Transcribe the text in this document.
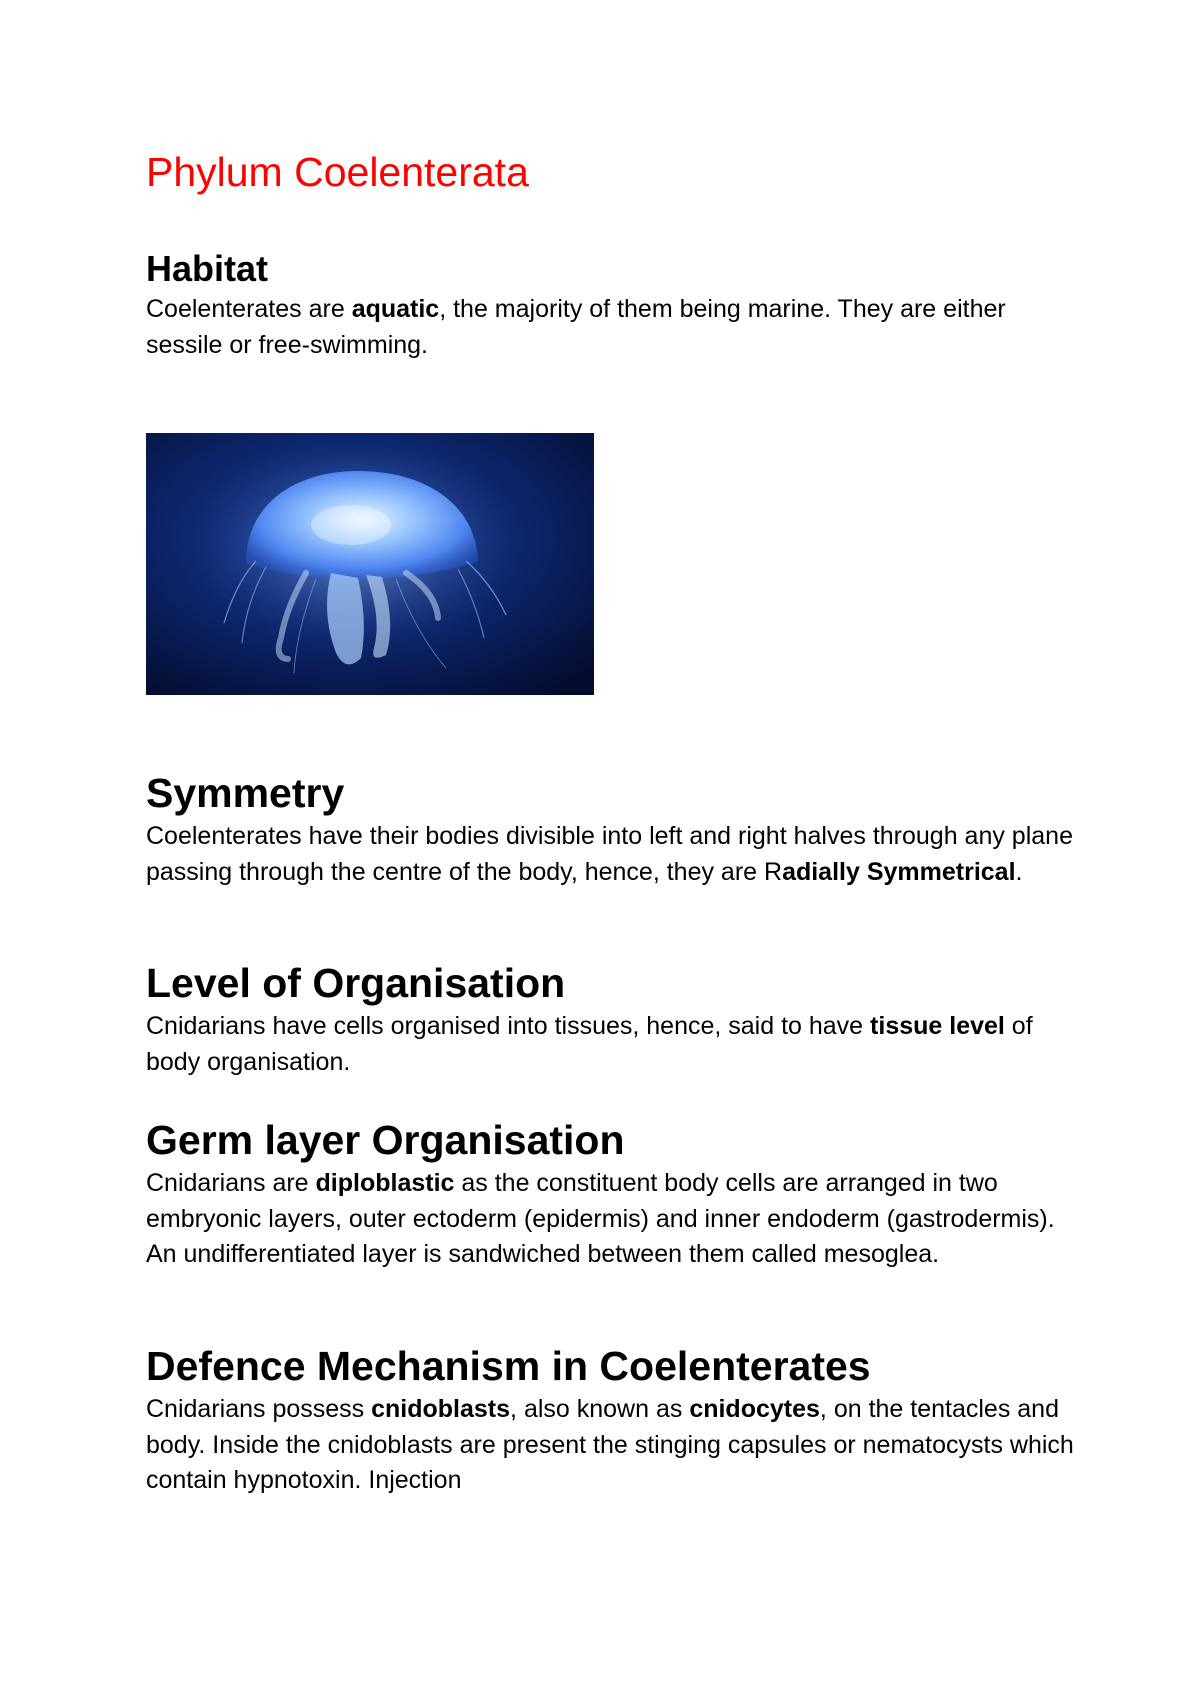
Phylum Coelenterata
Habitat

Coelenterates are aquatic, the majority of them being marine. They are either sessile or free-swimming.

Symmetry

Coelenterates have their bodies divisible into left and right halves through any plane passing through the centre of the body, hence, they are Radially Symmetrical.

Level of Organisation

Cnidarians have cells organised into tissues, hence, said to have tissue level of body organisation.

Germ layer Organisation

Cnidarians are diploblastic as the constituent body cells are arranged in two embryonic layers, outer ectoderm (epidermis) and inner endoderm (gastrodermis). An undifferentiated layer is sandwiched between them called mesoglea.

Defence Mechanism in Coelenterates

Cnidarians possess cnidoblasts, also known as cnidocytes, on the tentacles and body. Inside the cnidoblasts are present the stinging capsules or nematocysts which contain hypnotoxin. Injection
